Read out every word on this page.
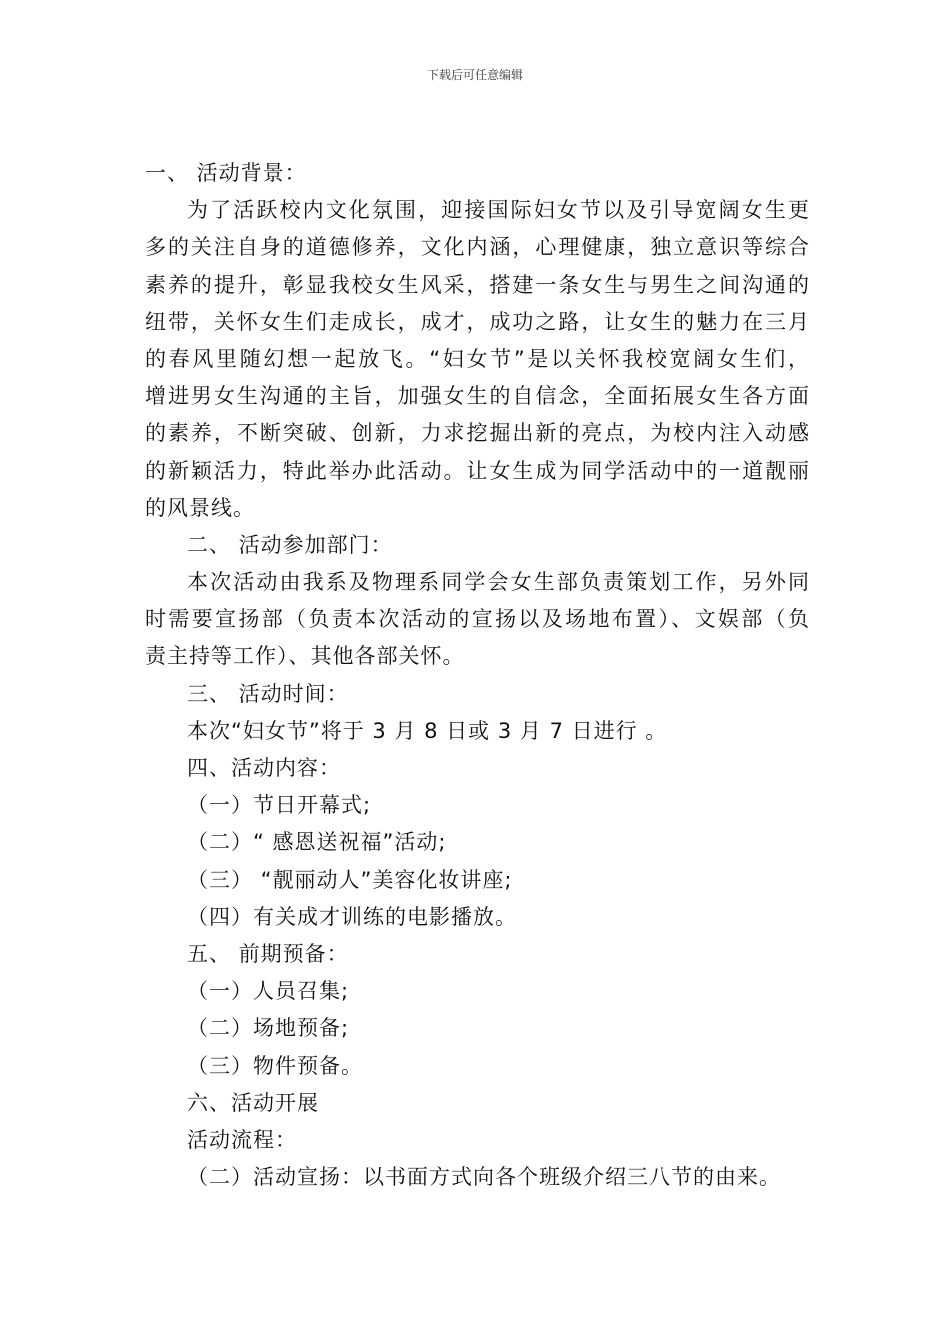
下载后可任意编辑
一、 活动背景：
为了活跃校内文化氛围，迎接国际妇女节以及引导宽阔女生更
多的关注自身的道德修养，文化内涵，心理健康，独立意识等综合
素养的提升，彰显我校女生风采，搭建一条女生与男生之间沟通的
纽带，关怀女生们走成长，成才，成功之路，让女生的魅力在三月
的春风里随幻想一起放飞。“妇女节”是以关怀我校宽阔女生们，
增进男女生沟通的主旨，加强女生的自信念，全面拓展女生各方面
的素养，不断突破、创新，力求挖掘出新的亮点，为校内注入动感
的新颖活力，特此举办此活动。让女生成为同学活动中的一道靓丽
的风景线。
二、 活动参加部门：
本次活动由我系及物理系同学会女生部负责策划工作，另外同
时需要宣扬部（负责本次活动的宣扬以及场地布置）、文娱部（负
责主持等工作）、其他各部关怀。
三、 活动时间：
本次“妇女节”将于 3 月 8 日或 3 月 7 日进行 。
四、活动内容：
（一）节日开幕式;
（二）“ 感恩送祝福”活动;
（三） “靓丽动人”美容化妆讲座;
（四）有关成才训练的电影播放。
五、 前期预备：
（一）人员召集;
（二）场地预备;
（三）物件预备。
六、活动开展
活动流程：
（二）活动宣扬：以书面方式向各个班级介绍三八节的由来。
